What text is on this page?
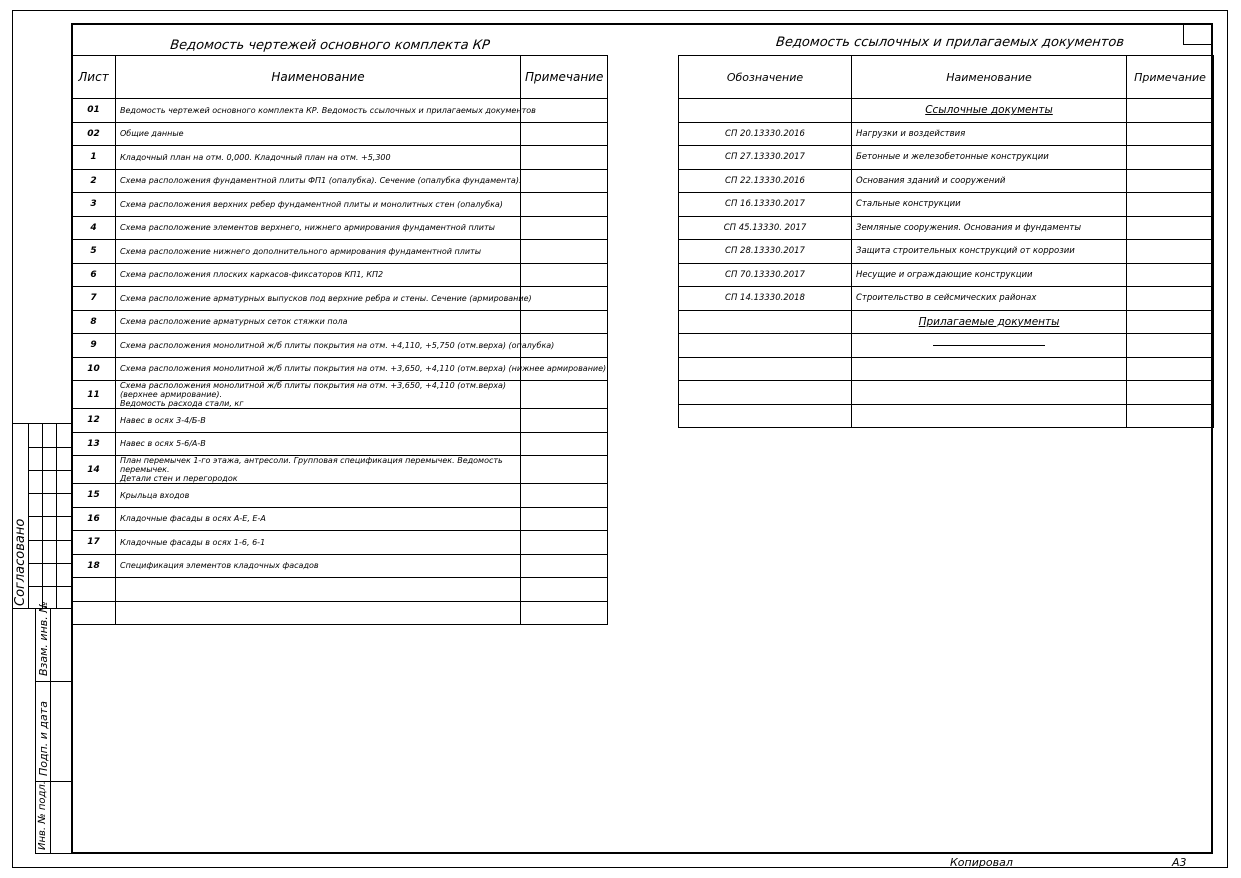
Ведомость чертежей основного комплекта КР
Лист	Наименование	Примечание
01	Ведомость чертежей основного комплекта КР. Ведомость ссылочных и прилагаемых документов	

02	Общие данные	

1	Кладочный план на отм. 0,000. Кладочный план на отм. +5,300	

2	Схема расположения фундаментной плиты ФП1 (опалубка). Сечение (опалубка фундамента).	

3	Схема расположения верхних ребер фундаментной плиты и монолитных стен (опалубка)	

4	Схема расположение элементов верхнего, нижнего армирования фундаментной плиты	

5	Схема расположение нижнего дополнительного армирования фундаментной плиты	

6	Схема расположения плоских каркасов-фиксаторов КП1, КП2	

7	Схема расположение арматурных выпусков под верхние ребра и стены. Сечение (армирование)	

8	Схема расположение арматурных сеток стяжки пола	

9	Схема расположения монолитной ж/б плиты покрытия на отм. +4,110, +5,750 (отм.верха) (опалубка)	

10	Схема расположения монолитной ж/б плиты покрытия на отм. +3,650, +4,110 (отм.верха) (нижнее армирование)	

11	Схема расположения монолитной ж/б плиты покрытия на отм. +3,650, +4,110 (отм.верха) (верхнее армирование).
Ведомость расхода стали, кг	

12	Навес в осях 3-4/Б-В	

13	Навес в осях 5-6/А-В	

14	План перемычек 1-го этажа, антресоли. Групповая спецификация перемычек. Ведомость перемычек.
Детали стен и перегородок	

15	Крыльца входов	

16	Кладочные фасады в осях А-Е, Е-А	

17	Кладочные фасады в осях 1-6, 6-1	

18	Спецификация элементов кладочных фасадов	

Ведомость ссылочных и прилагаемых документов
Обозначение	Наименование	Примечание
	Ссылочные документы	
СП 20.13330.2016	Нагрузки и воздействия	
СП 27.13330.2017	Бетонные и железобетонные конструкции	
СП 22.13330.2016	Основания зданий и сооружений	
СП 16.13330.2017	Стальные конструкции	
СП 45.13330. 2017	Земляные сооружения. Основания и фундаменты	
СП 28.13330.2017	Защита строительных конструкций от коррозии	
СП 70.13330.2017	Несущие и ограждающие конструкции	
СП 14.13330.2018	Строительство в сейсмических районах	
	Прилагаемые документы	

Согласовано
Взам. инв. №
Подп. и дата
Инв. № подл.
Копировал	А3
